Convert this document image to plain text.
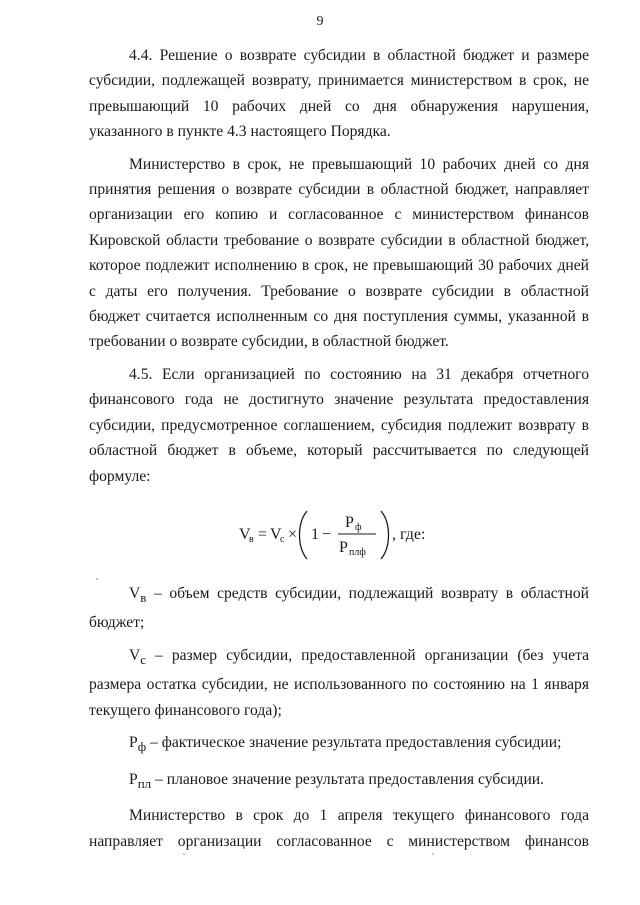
9

4.4. Решение о возврате субсидии в областной бюджет и размере субсидии, подлежащей возврату, принимается министерством в срок, не превышающий 10 рабочих дней со дня обнаружения нарушения, указанного в пункте 4.3 настоящего Порядка.

Министерство в срок, не превышающий 10 рабочих дней со дня принятия решения о возврате субсидии в областной бюджет, направляет организации его копию и согласованное с министерством финансов Кировской области требование о возврате субсидии в областной бюджет, которое подлежит исполнению в срок, не превышающий 30 рабочих дней с даты его получения. Требование о возврате субсидии в областной бюджет считается исполненным со дня поступления суммы, указанной в требовании о возврате субсидии, в областной бюджет.

4.5. Если организацией по состоянию на 31 декабря отчетного финансового года не достигнуто значение результата предоставления субсидии, предусмотренное соглашением, субсидия подлежит возврату в областной бюджет в объеме, который рассчитывается по следующей формуле:

V
в = V
с × 1 −
Р ф
Р плф
, где:

$V_в$ – объем средств субсидии, подлежащий возврату в областной бюджет;

$V_с$ – размер субсидии, предоставленной организации (без учета размера остатка субсидии, не использованного по состоянию на 1 января текущего финансового года);

$Р_ф$ – фактическое значение результата предоставления субсидии;

$Р_{пл}$ – плановое значение результата предоставления субсидии.

Министерство в срок до 1 апреля текущего финансового года направляет организации согласованное с министерством финансов
